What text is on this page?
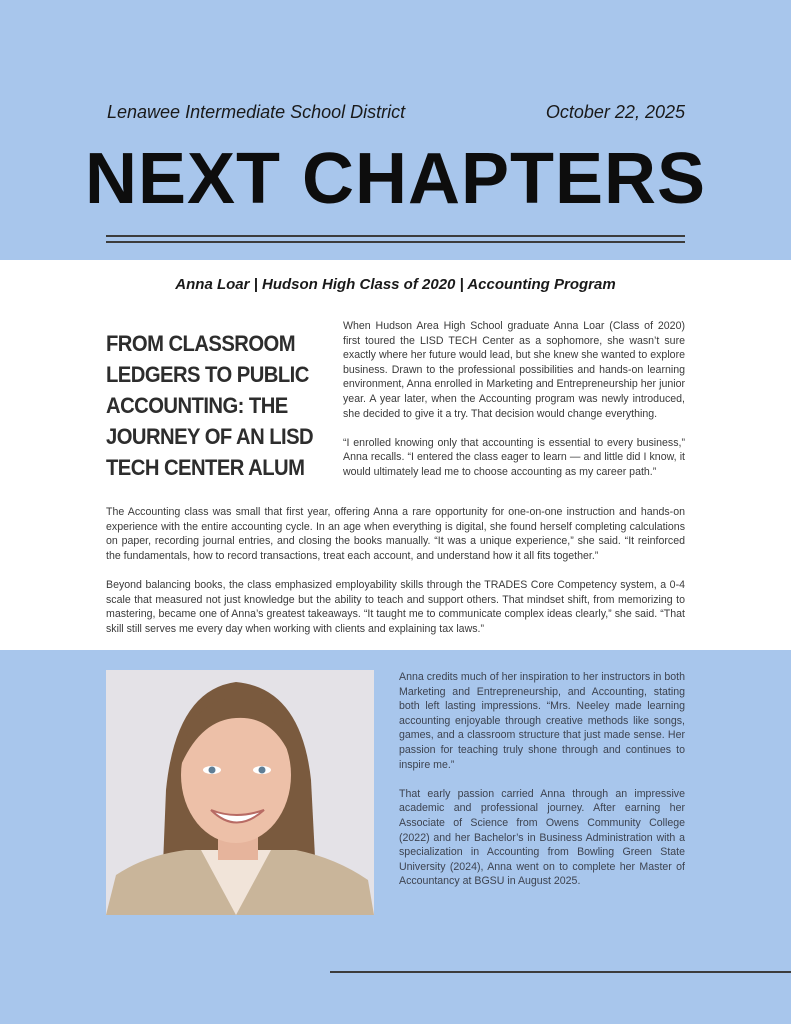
Lenawee Intermediate School District	October 22, 2025
NEXT CHAPTERS
Anna Loar | Hudson High Class of 2020 | Accounting Program
FROM CLASSROOM LEDGERS TO PUBLIC ACCOUNTING: THE JOURNEY OF AN LISD TECH CENTER ALUM

When Hudson Area High School graduate Anna Loar (Class of 2020) first toured the LISD TECH Center as a sophomore, she wasn’t sure exactly where her future would lead, but she knew she wanted to explore business. Drawn to the professional possibilities and hands-on learning environment, Anna enrolled in Marketing and Entrepreneurship her junior year. A year later, when the Accounting program was newly introduced, she decided to give it a try. That decision would change everything.

“I enrolled knowing only that accounting is essential to every business,” Anna recalls. “I entered the class eager to learn — and little did I know, it would ultimately lead me to choose accounting as my career path.”

The Accounting class was small that first year, offering Anna a rare opportunity for one-on-one instruction and hands-on experience with the entire accounting cycle. In an age when everything is digital, she found herself completing calculations on paper, recording journal entries, and closing the books manually. “It was a unique experience,” she said. “It reinforced the fundamentals, how to record transactions, treat each account, and understand how it all fits together.”

Beyond balancing books, the class emphasized employability skills through the TRADES Core Competency system, a 0-4 scale that measured not just knowledge but the ability to teach and support others. That mindset shift, from memorizing to mastering, became one of Anna’s greatest takeaways. “It taught me to communicate complex ideas clearly,” she said. “That skill still serves me every day when working with clients and explaining tax laws.”

Anna credits much of her inspiration to her instructors in both Marketing and Entrepreneurship, and Accounting, stating both left lasting impressions. “Mrs. Neeley made learning accounting enjoyable through creative methods like songs, games, and a classroom structure that just made sense. Her passion for teaching truly shone through and continues to inspire me.”

That early passion carried Anna through an impressive academic and professional journey. After earning her Associate of Science from Owens Community College (2022) and her Bachelor’s in Business Administration with a specialization in Accounting from Bowling Green State University (2024), Anna went on to complete her Master of Accountancy at BGSU in August 2025.
